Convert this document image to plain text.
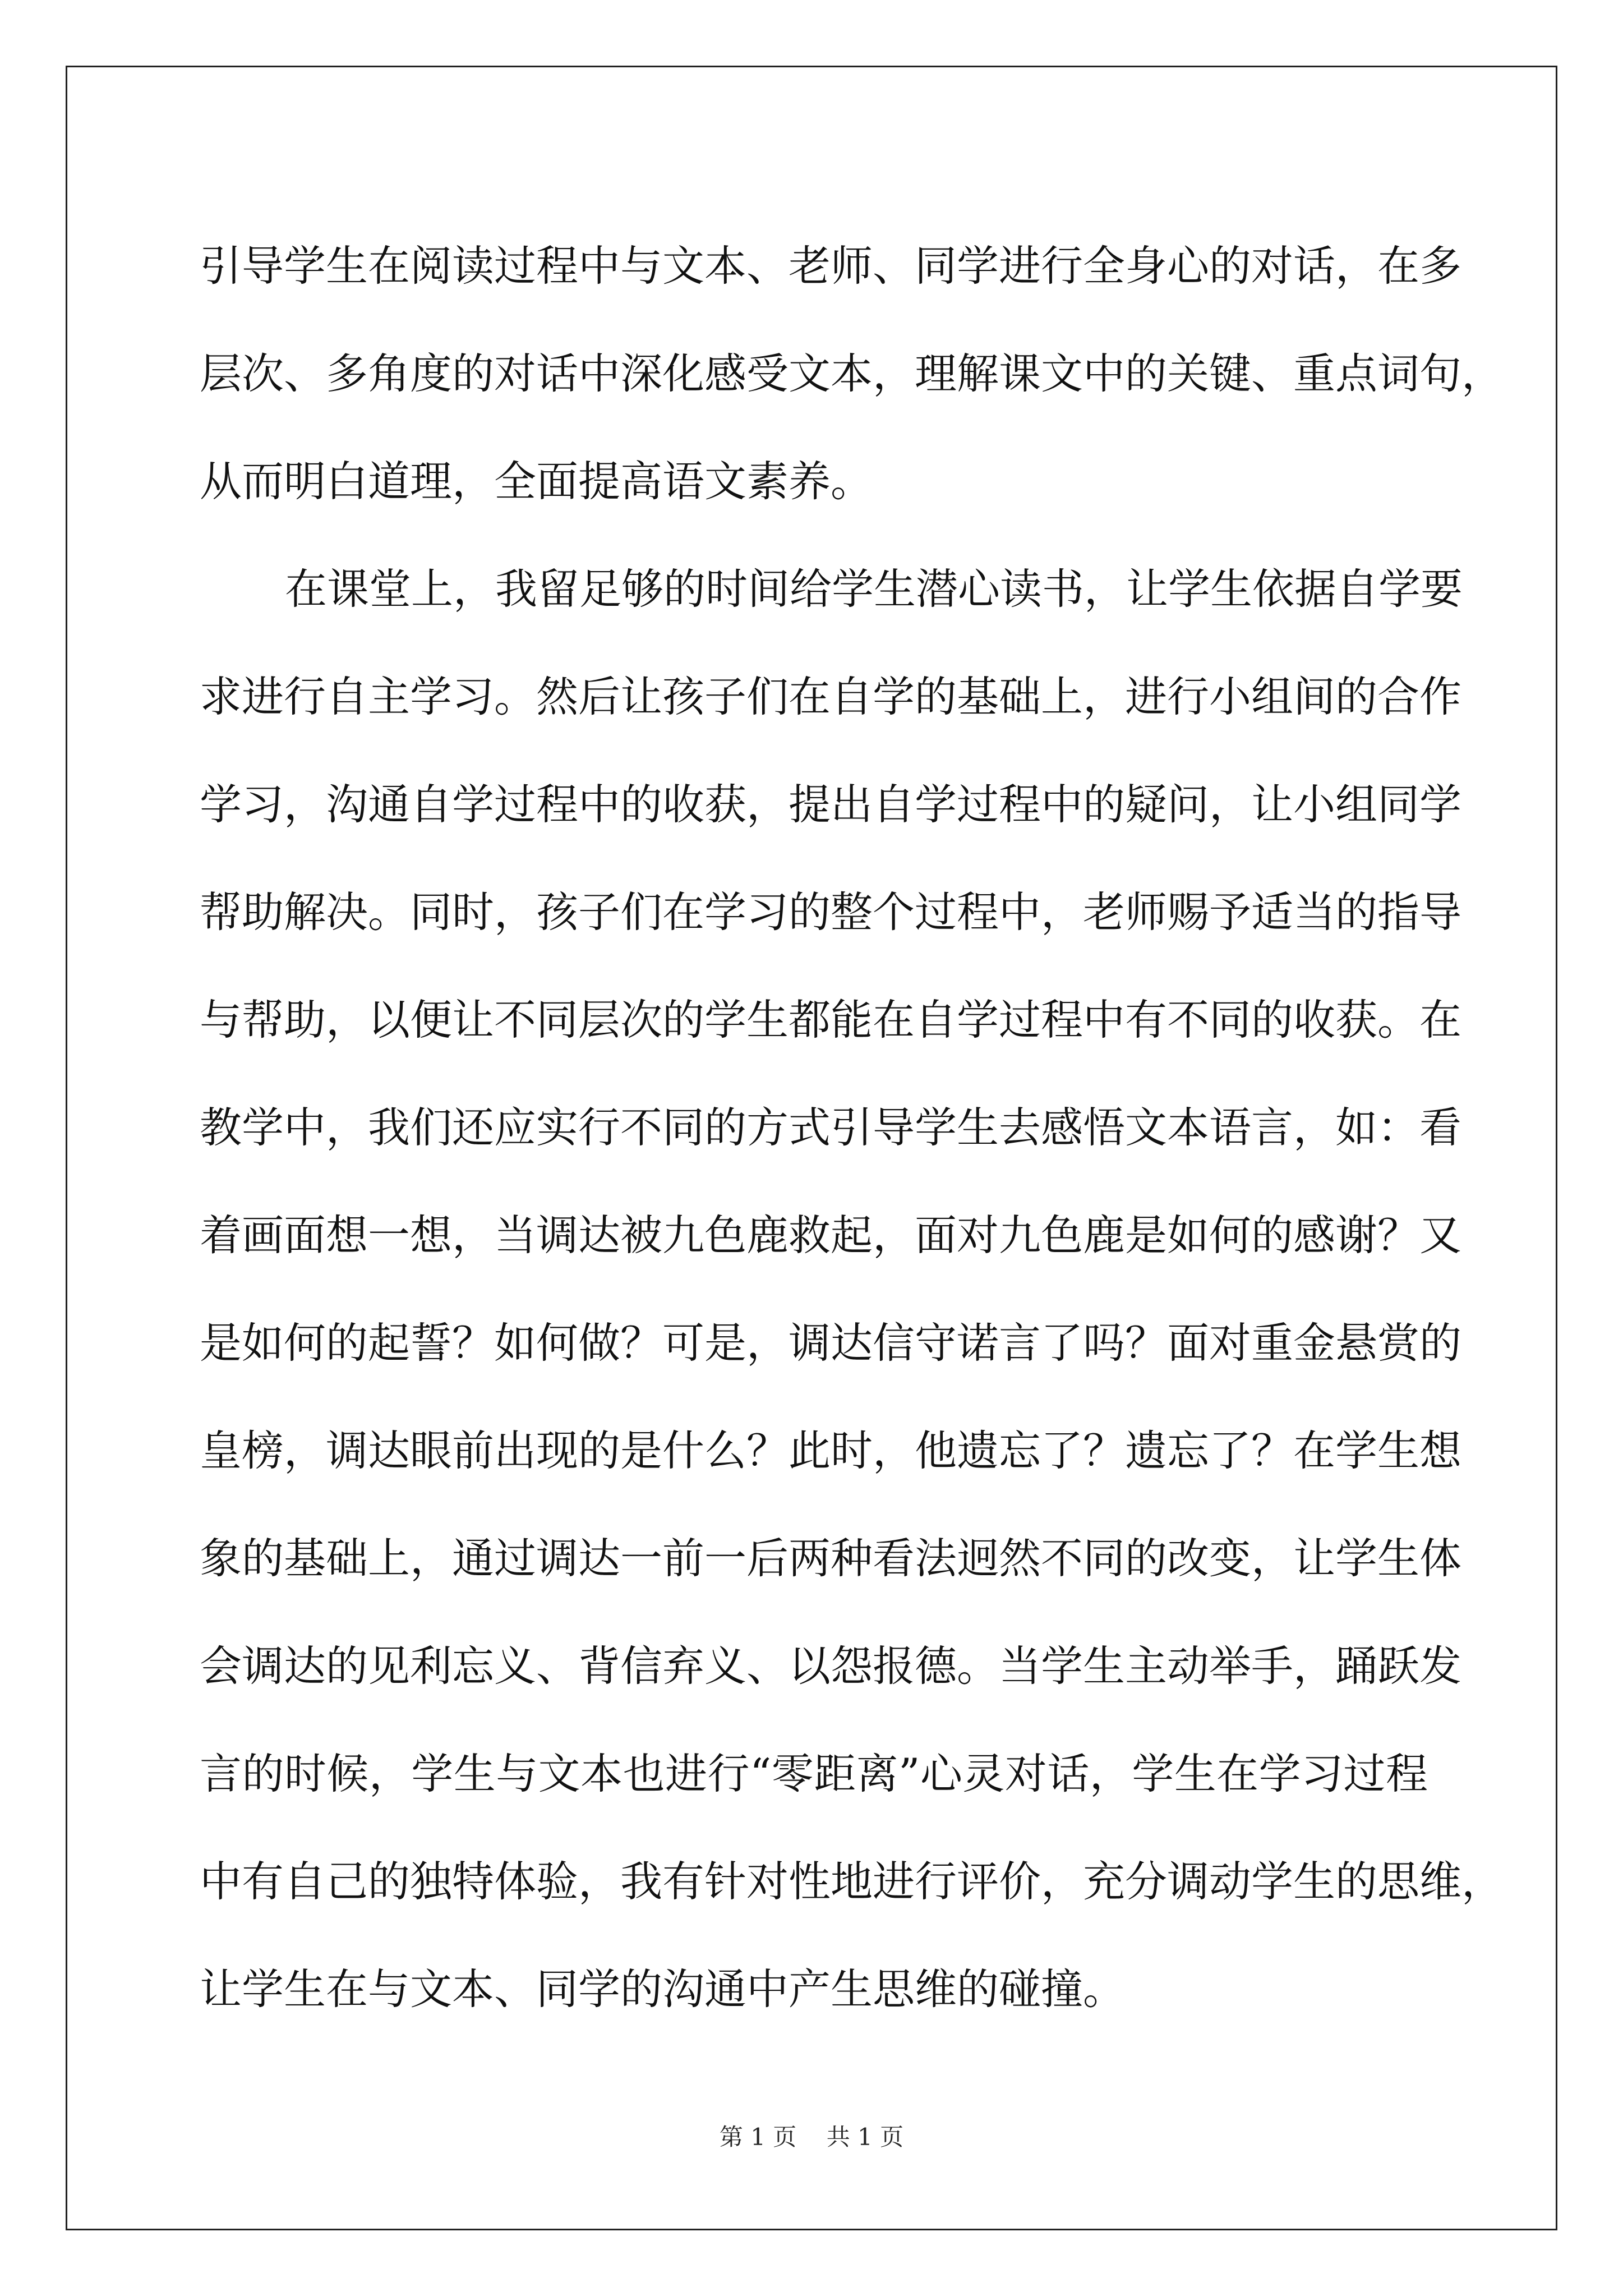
引导学生在阅读过程中与文本、老师、同学进行全身心的对话，在多
层次、多角度的对话中深化感受文本，理解课文中的关键、重点词句，
从而明白道理，全面提高语文素养。
在课堂上，我留足够的时间给学生潜心读书，让学生依据自学要
求进行自主学习。然后让孩子们在自学的基础上，进行小组间的合作
学习，沟通自学过程中的收获，提出自学过程中的疑问，让小组同学
帮助解决。同时，孩子们在学习的整个过程中，老师赐予适当的指导
与帮助，以便让不同层次的学生都能在自学过程中有不同的收获。在
教学中，我们还应实行不同的方式引导学生去感悟文本语言，如：看
着画面想一想，当调达被九色鹿救起，面对九色鹿是如何的感谢？又
是如何的起誓？如何做？可是，调达信守诺言了吗？面对重金悬赏的
皇榜，调达眼前出现的是什么？此时，他遗忘了？遗忘了？在学生想
象的基础上，通过调达一前一后两种看法迥然不同的改变，让学生体
会调达的见利忘义、背信弃义、以怨报德。当学生主动举手，踊跃发
言的时候，学生与文本也进行“零距离”心灵对话，学生在学习过程
中有自己的独特体验，我有针对性地进行评价，充分调动学生的思维，
让学生在与文本、同学的沟通中产生思维的碰撞。
第 1 页    共 1 页
